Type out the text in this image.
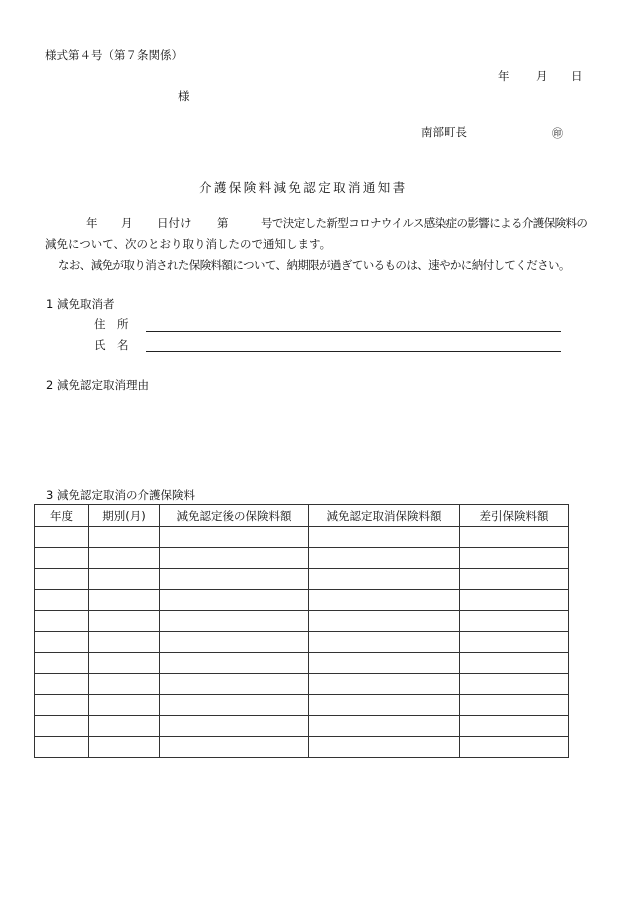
様式第４号（第７条関係）
年 月 日
様
南部町長	㊞
介護保険料減免認定取消通知書
年 月 日付け 第	号で決定した新型コロナウイルス感染症の影響による介護保険料の
減免について、次のとおり取り消したので通知します。
なお、減免が取り消された保険料額について、納期限が過ぎているものは、速やかに納付してください。
1 減免取消者
住　所
氏　名
2 減免認定取消理由
3 減免認定取消の介護保険料
年度	期別(月)	減免認定後の保険料額	減免認定取消保険料額	差引保険料額
